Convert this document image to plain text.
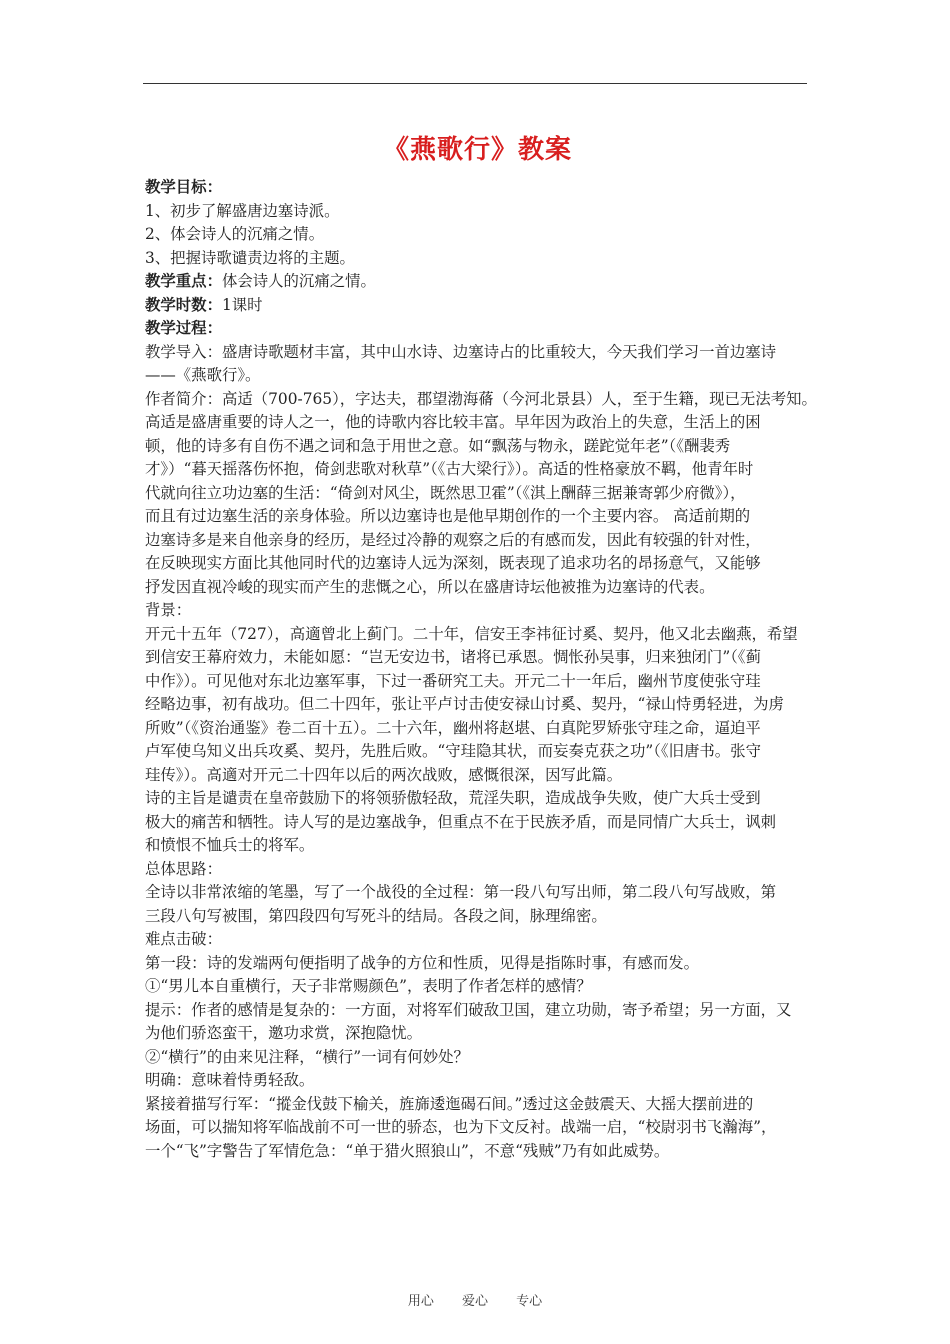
《燕歌行》教案

教学目标：

1、初步了解盛唐边塞诗派。

2、体会诗人的沉痛之情。

3、把握诗歌谴责边将的主题。

教学重点：体会诗人的沉痛之情。

教学时数：1课时

教学过程：

教学导入：盛唐诗歌题材丰富，其中山水诗、边塞诗占的比重较大，今天我们学习一首边塞诗

——《燕歌行》。

作者简介：高适（700-765），字达夫，郡望渤海蓨（今河北景县）人，至于生籍，现已无法考知。

高适是盛唐重要的诗人之一，他的诗歌内容比较丰富。早年因为政治上的失意，生活上的困

顿，他的诗多有自伤不遇之词和急于用世之意。如“飘荡与物永，蹉跎觉年老”（《酬裴秀

才》）“暮天摇落伤怀抱，倚剑悲歌对秋草”（《古大梁行》）。高适的性格豪放不羁，他青年时

代就向往立功边塞的生活：“倚剑对风尘，既然思卫霍”（《淇上酬薛三据兼寄郭少府微》），

而且有过边塞生活的亲身体验。所以边塞诗也是他早期创作的一个主要内容。 高适前期的

边塞诗多是来自他亲身的经历，是经过冷静的观察之后的有感而发，因此有较强的针对性，

在反映现实方面比其他同时代的边塞诗人远为深刻，既表现了追求功名的昂扬意气，又能够

抒发因直视冷峻的现实而产生的悲慨之心，所以在盛唐诗坛他被推为边塞诗的代表。

背景：

开元十五年（727），高適曾北上蓟门。二十年，信安王李祎征讨奚、契丹，他又北去幽燕，希望

到信安王幕府效力，未能如愿：“岂无安边书，诸将已承恩。惆怅孙吴事，归来独闭门”（《蓟

中作》）。可见他对东北边塞军事，下过一番研究工夫。开元二十一年后，幽州节度使张守珪

经略边事，初有战功。但二十四年，张让平卢讨击使安禄山讨奚、契丹，“禄山恃勇轻进，为虏

所败”（《资治通鉴》卷二百十五）。二十六年，幽州将赵堪、白真陀罗矫张守珪之命，逼迫平

卢军使乌知义出兵攻奚、契丹，先胜后败。“守珪隐其状，而妄奏克获之功”（《旧唐书。张守

珪传》）。高適对开元二十四年以后的两次战败，感慨很深，因写此篇。

诗的主旨是谴责在皇帝鼓励下的将领骄傲轻敌，荒淫失职，造成战争失败，使广大兵士受到

极大的痛苦和牺牲。诗人写的是边塞战争，但重点不在于民族矛盾，而是同情广大兵士，讽刺

和愤恨不恤兵士的将军。

总体思路：

全诗以非常浓缩的笔墨，写了一个战役的全过程：第一段八句写出师，第二段八句写战败，第

三段八句写被围，第四段四句写死斗的结局。各段之间，脉理绵密。

难点击破：

第一段：诗的发端两句便指明了战争的方位和性质，见得是指陈时事，有感而发。

①“男儿本自重横行，天子非常赐颜色”，表明了作者怎样的感情？

提示：作者的感情是复杂的：一方面，对将军们破敌卫国，建立功勋，寄予希望；另一方面，又

为他们骄恣蛮干，邀功求赏，深抱隐忧。

②“横行”的由来见注释，“横行”一词有何妙处？

明确：意味着恃勇轻敌。

紧接着描写行军：“摐金伐鼓下榆关，旌旆逶迤碣石间。”透过这金鼓震天、大摇大摆前进的

场面，可以揣知将军临战前不可一世的骄态，也为下文反衬。战端一启，“校尉羽书飞瀚海”，

一个“飞”字警告了军情危急：“单于猎火照狼山”，不意“残贼”乃有如此威势。

用心 爱心 专心
